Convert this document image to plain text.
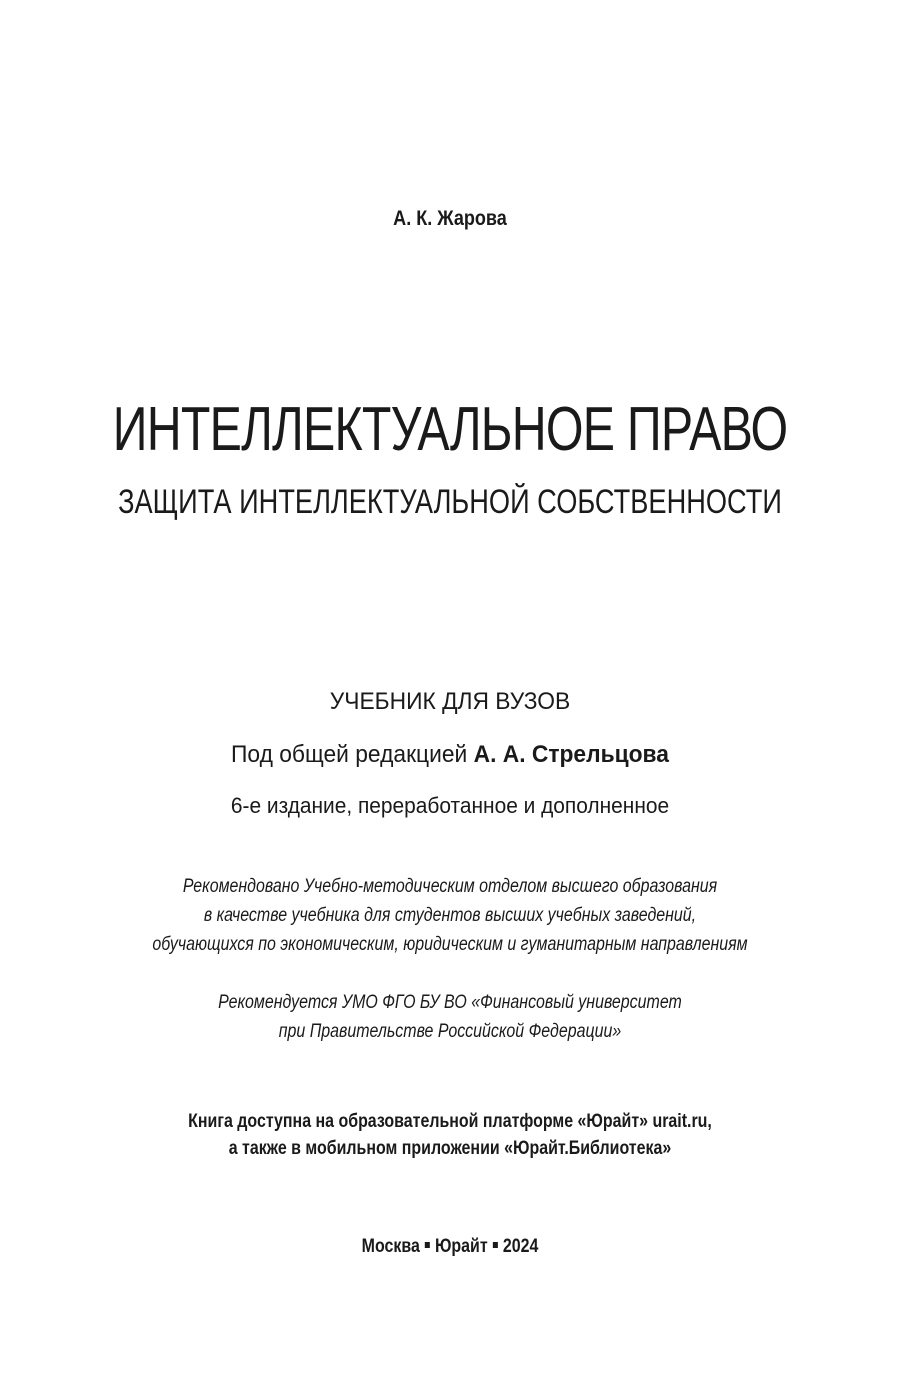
А. К. Жарова
ИНТЕЛЛЕКТУАЛЬНОЕ ПРАВО
ЗАЩИТА ИНТЕЛЛЕКТУАЛЬНОЙ СОБСТВЕННОСТИ
УЧЕБНИК ДЛЯ ВУЗОВ
Под общей редакцией А. А. Стрельцова
6-е издание, переработанное и дополненное
Рекомендовано Учебно-методическим отделом высшего образования
в качестве учебника для студентов высших учебных заведений,
обучающихся по экономическим, юридическим и гуманитарным направлениям
Рекомендуется УМО ФГО БУ ВО «Финансовый университет
при Правительстве Российской Федерации»
Книга доступна на образовательной платформе «Юрайт» urait.ru,
а также в мобильном приложении «Юрайт.Библиотека»
Москва Юрайт 2024
